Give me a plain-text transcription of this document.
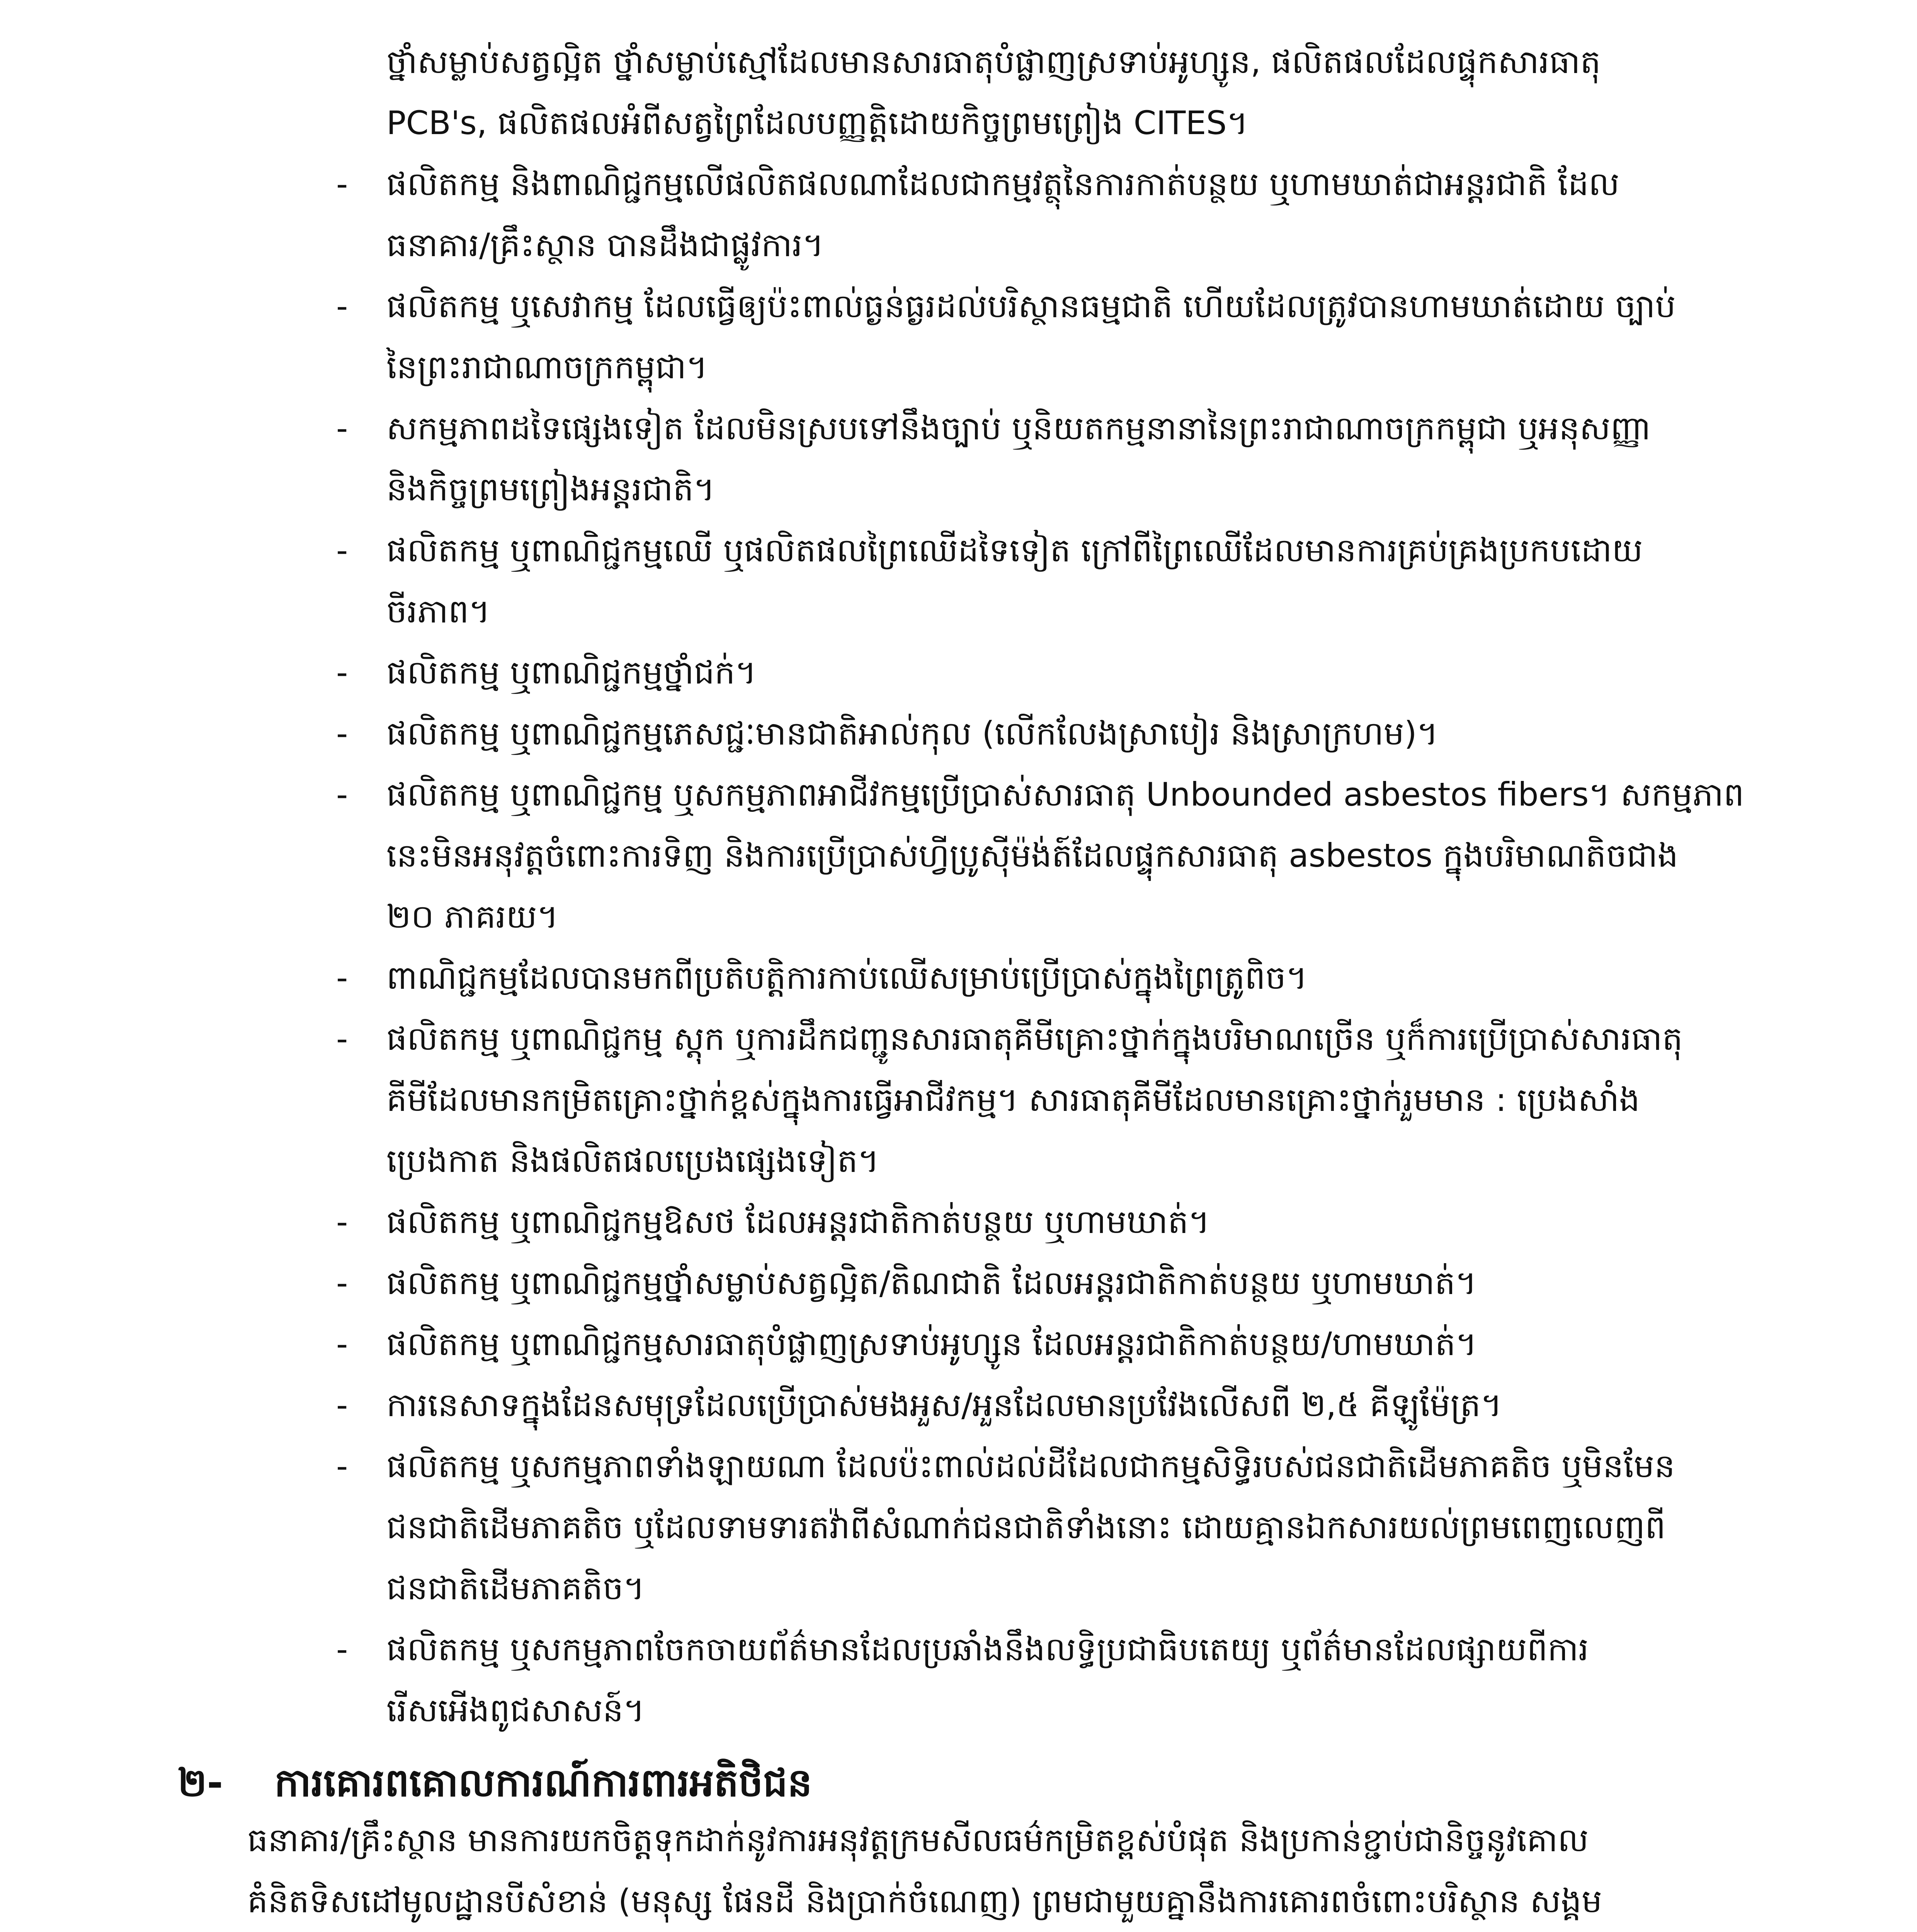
ថ្នាំសម្លាប់សត្វល្អិត ថ្នាំសម្លាប់ស្មៅដែលមានសារធាតុបំផ្លាញស្រទាប់អូហ្សូន, ផលិតផលដែលផ្ទុកសារធាតុ
PCB's, ផលិតផលអំពីសត្វព្រៃដែលបញ្ញត្តិដោយកិច្ចព្រមព្រៀង CITES។
- ផលិតកម្ម និងពាណិជ្ជកម្មលើផលិតផលណាដែលជាកម្មវត្ថុនៃការកាត់បន្ថយ ឬហាមឃាត់ជាអន្តរជាតិ ដែល
ធនាគារ/គ្រឹះស្ថាន បានដឹងជាផ្លូវការ។
- ផលិតកម្ម ឬសេវាកម្ម ដែលធ្វើឲ្យប៉ះពាល់ធ្ងន់ធ្ងរដល់បរិស្ថានធម្មជាតិ ហើយដែលត្រូវបានហាមឃាត់ដោយ ច្បាប់
នៃព្រះរាជាណាចក្រកម្ពុជា។
- សកម្មភាពដទៃផ្សេងទៀត ដែលមិនស្របទៅនឹងច្បាប់ ឬនិយតកម្មនានានៃព្រះរាជាណាចក្រកម្ពុជា ឬអនុសញ្ញា
និងកិច្ចព្រមព្រៀងអន្តរជាតិ។
- ផលិតកម្ម ឬពាណិជ្ជកម្មឈើ ឬផលិតផលព្រៃឈើដទៃទៀត ក្រៅពីព្រៃឈើដែលមានការគ្រប់គ្រងប្រកបដោយ
ចីរភាព។
- ផលិតកម្ម ឬពាណិជ្ជកម្មថ្នាំជក់។
- ផលិតកម្ម ឬពាណិជ្ជកម្មភេសជ្ជៈមានជាតិអាល់កុល (លើកលែងស្រាបៀរ និងស្រាក្រហម)។
- ផលិតកម្ម ឬពាណិជ្ជកម្ម ឬសកម្មភាពអាជីវកម្មប្រើប្រាស់សារធាតុ Unbounded asbestos fibers។ សកម្មភាព
នេះមិនអនុវត្តចំពោះការទិញ និងការប្រើប្រាស់ហ្វីប្រូស៊ីម៉ង់ត៍ដែលផ្ទុកសារធាតុ asbestos ក្នុងបរិមាណតិចជាង
២០ ភាគរយ។
- ពាណិជ្ជកម្មដែលបានមកពីប្រតិបត្តិការកាប់ឈើសម្រាប់ប្រើប្រាស់ក្នុងព្រៃត្រូពិច។
- ផលិតកម្ម ឬពាណិជ្ជកម្ម ស្តុក ឬការដឹកជញ្ជូនសារធាតុគីមីគ្រោះថ្នាក់ក្នុងបរិមាណច្រើន ឬក៏ការប្រើប្រាស់សារធាតុ
គីមីដែលមានកម្រិតគ្រោះថ្នាក់ខ្ពស់ក្នុងការធ្វើអាជីវកម្ម។ សារធាតុគីមីដែលមានគ្រោះថ្នាក់រួមមាន : ប្រេងសាំង
ប្រេងកាត និងផលិតផលប្រេងផ្សេងទៀត។
- ផលិតកម្ម ឬពាណិជ្ជកម្មឱសថ ដែលអន្តរជាតិកាត់បន្ថយ ឬហាមឃាត់។
- ផលិតកម្ម ឬពាណិជ្ជកម្មថ្នាំសម្លាប់សត្វល្អិត/តិណជាតិ ដែលអន្តរជាតិកាត់បន្ថយ ឬហាមឃាត់។
- ផលិតកម្ម ឬពាណិជ្ជកម្មសារធាតុបំផ្លាញស្រទាប់អូហ្សូន ដែលអន្តរជាតិកាត់បន្ថយ/ហាមឃាត់។
- ការនេសាទក្នុងដែនសមុទ្រដែលប្រើប្រាស់មងអួស/អួនដែលមានប្រវែងលើសពី ២,៥ គីឡូម៉ែត្រ។
- ផលិតកម្ម ឬសកម្មភាពទាំងឡាយណា ដែលប៉ះពាល់ដល់ដីដែលជាកម្មសិទ្ធិរបស់ជនជាតិដើមភាគតិច ឬមិនមែន
ជនជាតិដើមភាគតិច ឬដែលទាមទារតវ៉ាពីសំណាក់ជនជាតិទាំងនោះ ដោយគ្មានឯកសារយល់ព្រមពេញលេញពី
ជនជាតិដើមភាគតិច។
- ផលិតកម្ម ឬសកម្មភាពចែកចាយព័ត៌មានដែលប្រឆាំងនឹងលទ្ធិប្រជាធិបតេយ្យ ឬព័ត៌មានដែលផ្សាយពីការ
រើសអើងពូជសាសន៍។
២- ការគោរពគោលការណ៍ការពារអតិថិជន
ធនាគារ/គ្រឹះស្ថាន មានការយកចិត្តទុកដាក់នូវការអនុវត្តក្រមសីលធម៌កម្រិតខ្ពស់បំផុត និងប្រកាន់ខ្ជាប់ជានិច្ចនូវគោល
គំនិតទិសដៅមូលដ្ឋានបីសំខាន់ (មនុស្ស ផែនដី និងប្រាក់ចំណេញ) ព្រមជាមួយគ្នានឹងការគោរពចំពោះបរិស្ថាន សង្គម
